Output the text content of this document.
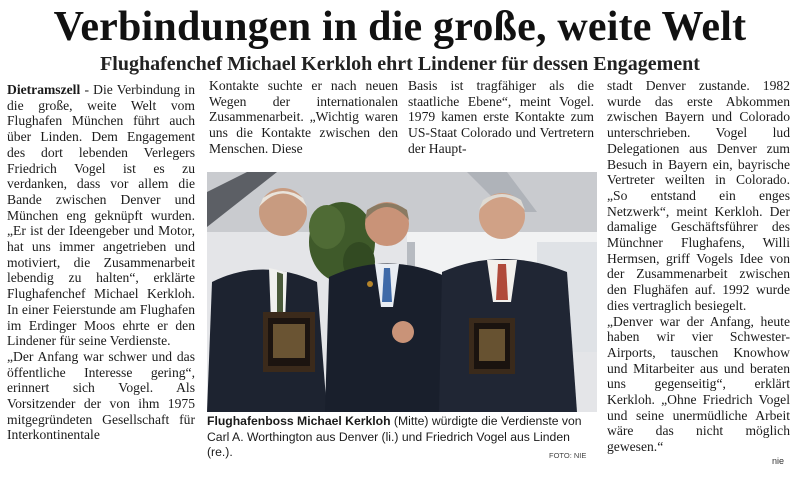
Verbindungen in die große, weite Welt
Flughafenchef Michael Kerkloh ehrt Lindener für dessen Engagement

Dietramszell - Die Verbindung in die große, weite Welt vom Flughafen München führt auch über Linden. Dem Engagement des dort lebenden Verlegers Friedrich Vogel ist es zu verdanken, dass vor allem die Bande zwischen Denver und München eng geknüpft wurden. „Er ist der Ideengeber und Motor, hat uns immer angetrieben und motiviert, die Zusammenarbeit lebendig zu halten“, erklärte Flughafenchef Michael Kerkloh. In einer Feierstunde am Flughafen im Erdinger Moos ehrte er den Lindener für seine Verdienste.

„Der Anfang war schwer und das öffentliche Interesse gering“, erinnert sich Vogel. Als Vorsitzender der von ihm 1975 mitgegründeten Gesellschaft für Interkontinentale

Kontakte suchte er nach neuen Wegen der internationalen Zusammenarbeit. „Wichtig waren uns die Kontakte zwischen den Menschen. Diese

Basis ist tragfähiger als die staatliche Ebene“, meint Vogel. 1979 kamen erste Kontakte zum US-Staat Colorado und Vertretern der Haupt-

stadt Denver zustande. 1982 wurde das erste Abkommen zwischen Bayern und Colorado unterschrieben. Vogel lud Delegationen aus Denver zum Besuch in Bayern ein, bayrische Vertreter weilten in Colorado. „So entstand ein enges Netzwerk“, meint Kerkloh. Der damalige Geschäftsführer des Münchner Flughafens, Willi Hermsen, griff Vogels Idee von der Zusammenarbeit zwischen den Flughäfen auf. 1992 wurde dies vertraglich besiegelt.

„Denver war der Anfang, heute haben wir vier Schwester-Airports, tauschen Knowhow und Mitarbeiter aus und beraten uns gegenseitig“, erklärt Kerkloh. „Ohne Friedrich Vogel und seine unermüdliche Arbeit wäre das nicht möglich gewesen.“

Flughafenboss Michael Kerkloh (Mitte) würdigte die Verdienste von Carl A. Worthington aus Denver (li.) und Friedrich Vogel aus Linden (re.).	FOTO: NIE
nie
